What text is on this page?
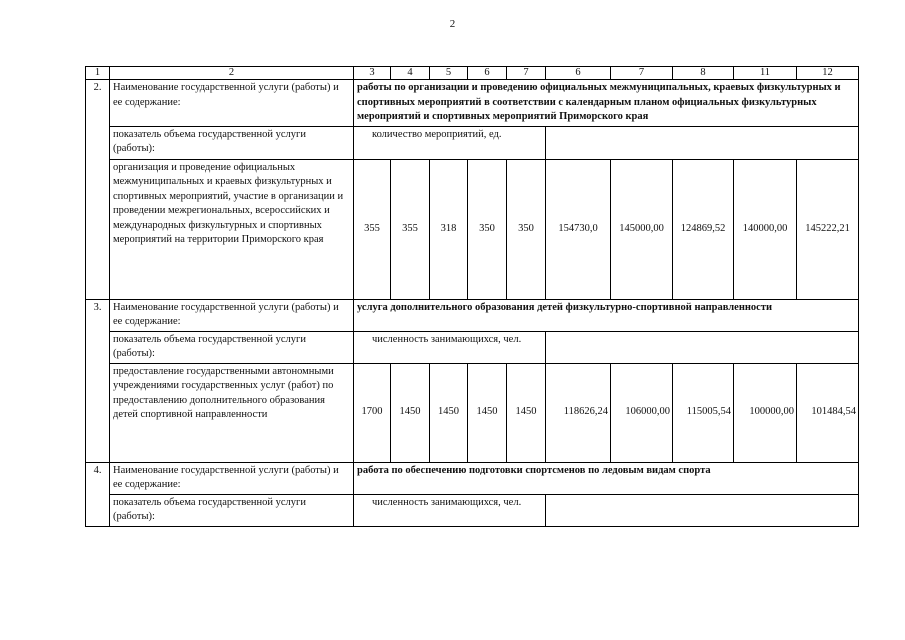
2
1	2	3	4	5	6	7	6	7	8	11	12
2.	Наименование государственной услуги (работы) и ее содержание:	работы по организации и проведению официальных межмуниципальных, краевых физкультурных и спортивных мероприятий в соответствии с календарным планом официальных физкультурных мероприятий и спортивных мероприятий Приморского края									
	показатель объема государственной услуги (работы):	количество мероприятий, ед.									
	организация и проведение официальных межмуниципальных и краевых физкультурных и спортивных мероприятий, участие в организации и проведении межрегиональных, всероссийских и международных физкультурных и спортивных мероприятий на территории Приморского края	355	355	318	350	350	154730,0	145000,00	124869,52	140000,00	145222,21
3.	Наименование государственной услуги (работы) и ее содержание:	услуга дополнительного образования детей физкультурно-спортивной направленности									
	показатель объема государственной услуги (работы):	численность занимающихся, чел.									
	предоставление государственными автономными учреждениями государственных услуг (работ) по предоставлению дополнительного образования детей спортивной направленности	1700	1450	1450	1450	1450	118626,24	106000,00	115005,54	100000,00	101484,54
4.	Наименование государственной услуги (работы) и ее содержание:	работа по обеспечению подготовки спортсменов по ледовым видам спорта									
	показатель объема государственной услуги (работы):	численность занимающихся, чел.									
